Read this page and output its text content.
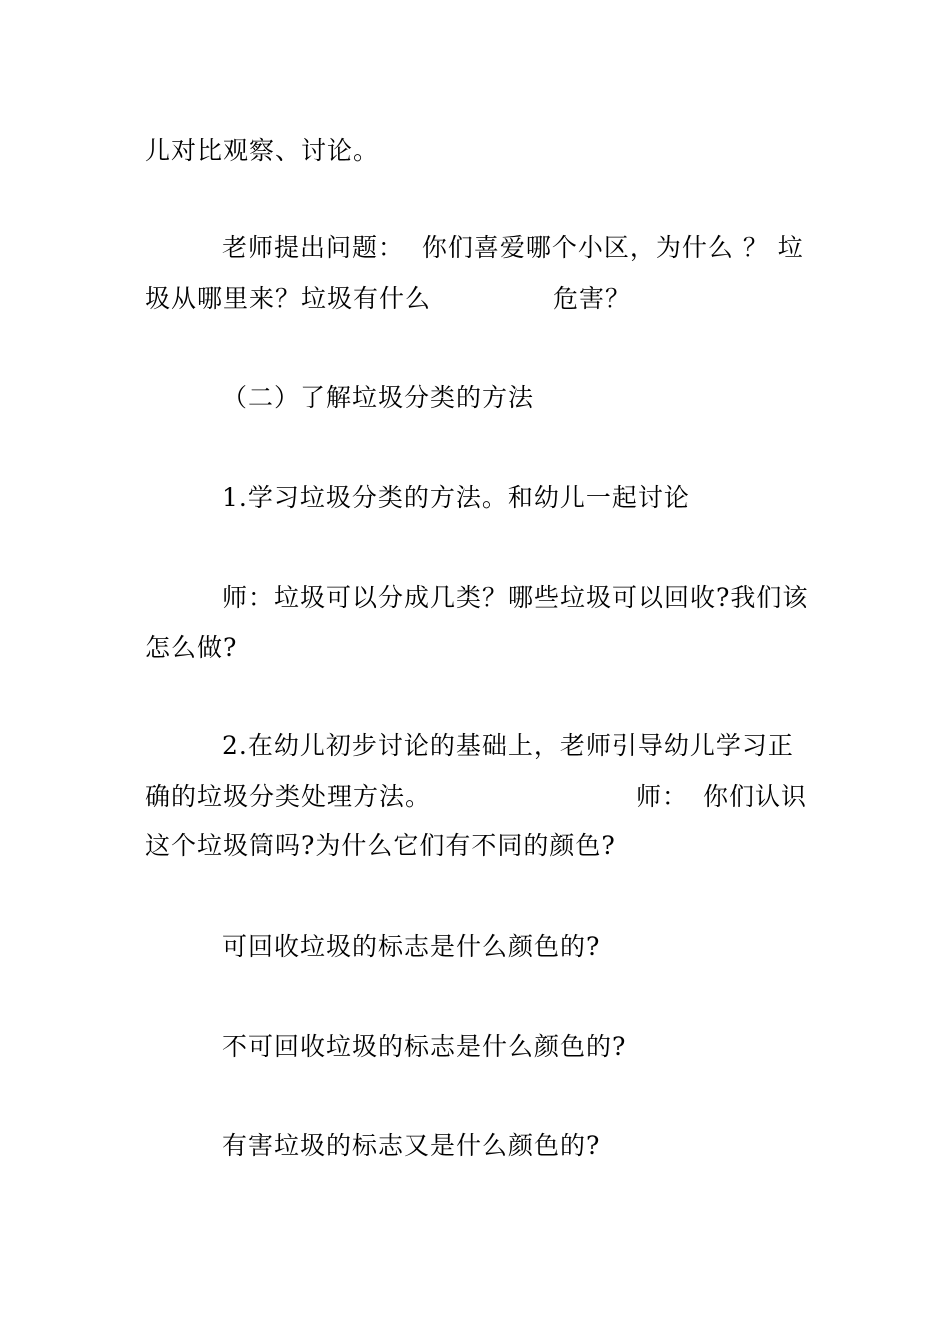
儿对比观察、讨论。
老师提出问题：  你们喜爱哪个小区，为什么 ？ 垃
圾从哪里来？垃圾有什么	危害？
（二）了解垃圾分类的方法
1.学习垃圾分类的方法。和幼儿一起讨论
师：垃圾可以分成几类？哪些垃圾可以回收?我们该
怎么做?
2.在幼儿初步讨论的基础上，老师引导幼儿学习正
确的垃圾分类处理方法。	师： 你们认识
这个垃圾筒吗?为什么它们有不同的颜色?
可回收垃圾的标志是什么颜色的?
不可回收垃圾的标志是什么颜色的?
有害垃圾的标志又是什么颜色的?
